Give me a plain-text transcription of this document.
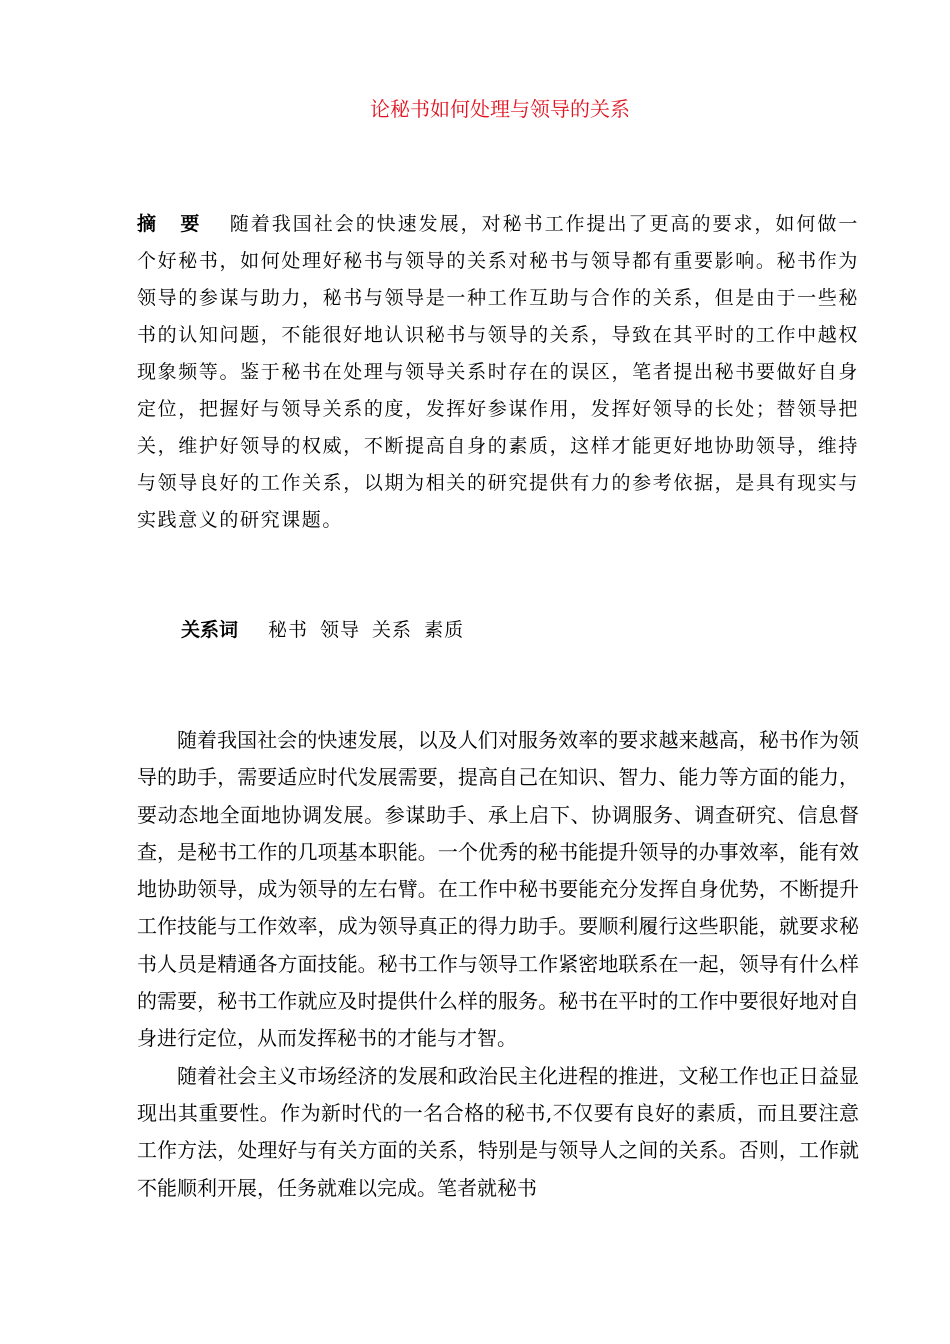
论秘书如何处理与领导的关系

摘要 随着我国社会的快速发展，对秘书工作提出了更高的要求，如何做一个好秘书，如何处理好秘书与领导的关系对秘书与领导都有重要影响。秘书作为领导的参谋与助力，秘书与领导是一种工作互助与合作的关系，但是由于一些秘书的认知问题，不能很好地认识秘书与领导的关系，导致在其平时的工作中越权现象频等。鉴于秘书在处理与领导关系时存在的误区，笔者提出秘书要做好自身定位，把握好与领导关系的度，发挥好参谋作用，发挥好领导的长处；替领导把关，维护好领导的权威，不断提高自身的素质，这样才能更好地协助领导，维持与领导良好的工作关系，以期为相关的研究提供有力的参考依据，是具有现实与实践意义的研究课题。

关系词 秘书 领导 关系 素质

随着我国社会的快速发展，以及人们对服务效率的要求越来越高，秘书作为领导的助手，需要适应时代发展需要，提高自己在知识、智力、能力等方面的能力，要动态地全面地协调发展。参谋助手、承上启下、协调服务、调查研究、信息督查，是秘书工作的几项基本职能。一个优秀的秘书能提升领导的办事效率，能有效地协助领导，成为领导的左右臂。在工作中秘书要能充分发挥自身优势，不断提升工作技能与工作效率，成为领导真正的得力助手。要顺利履行这些职能，就要求秘书人员是精通各方面技能。秘书工作与领导工作紧密地联系在一起，领导有什么样的需要，秘书工作就应及时提供什么样的服务。秘书在平时的工作中要很好地对自身进行定位，从而发挥秘书的才能与才智。

随着社会主义市场经济的发展和政治民主化进程的推进，文秘工作也正日益显现出其重要性。作为新时代的一名合格的秘书,不仅要有良好的素质，而且要注意工作方法，处理好与有关方面的关系，特别是与领导人之间的关系。否则，工作就不能顺利开展，任务就难以完成。笔者就秘书
